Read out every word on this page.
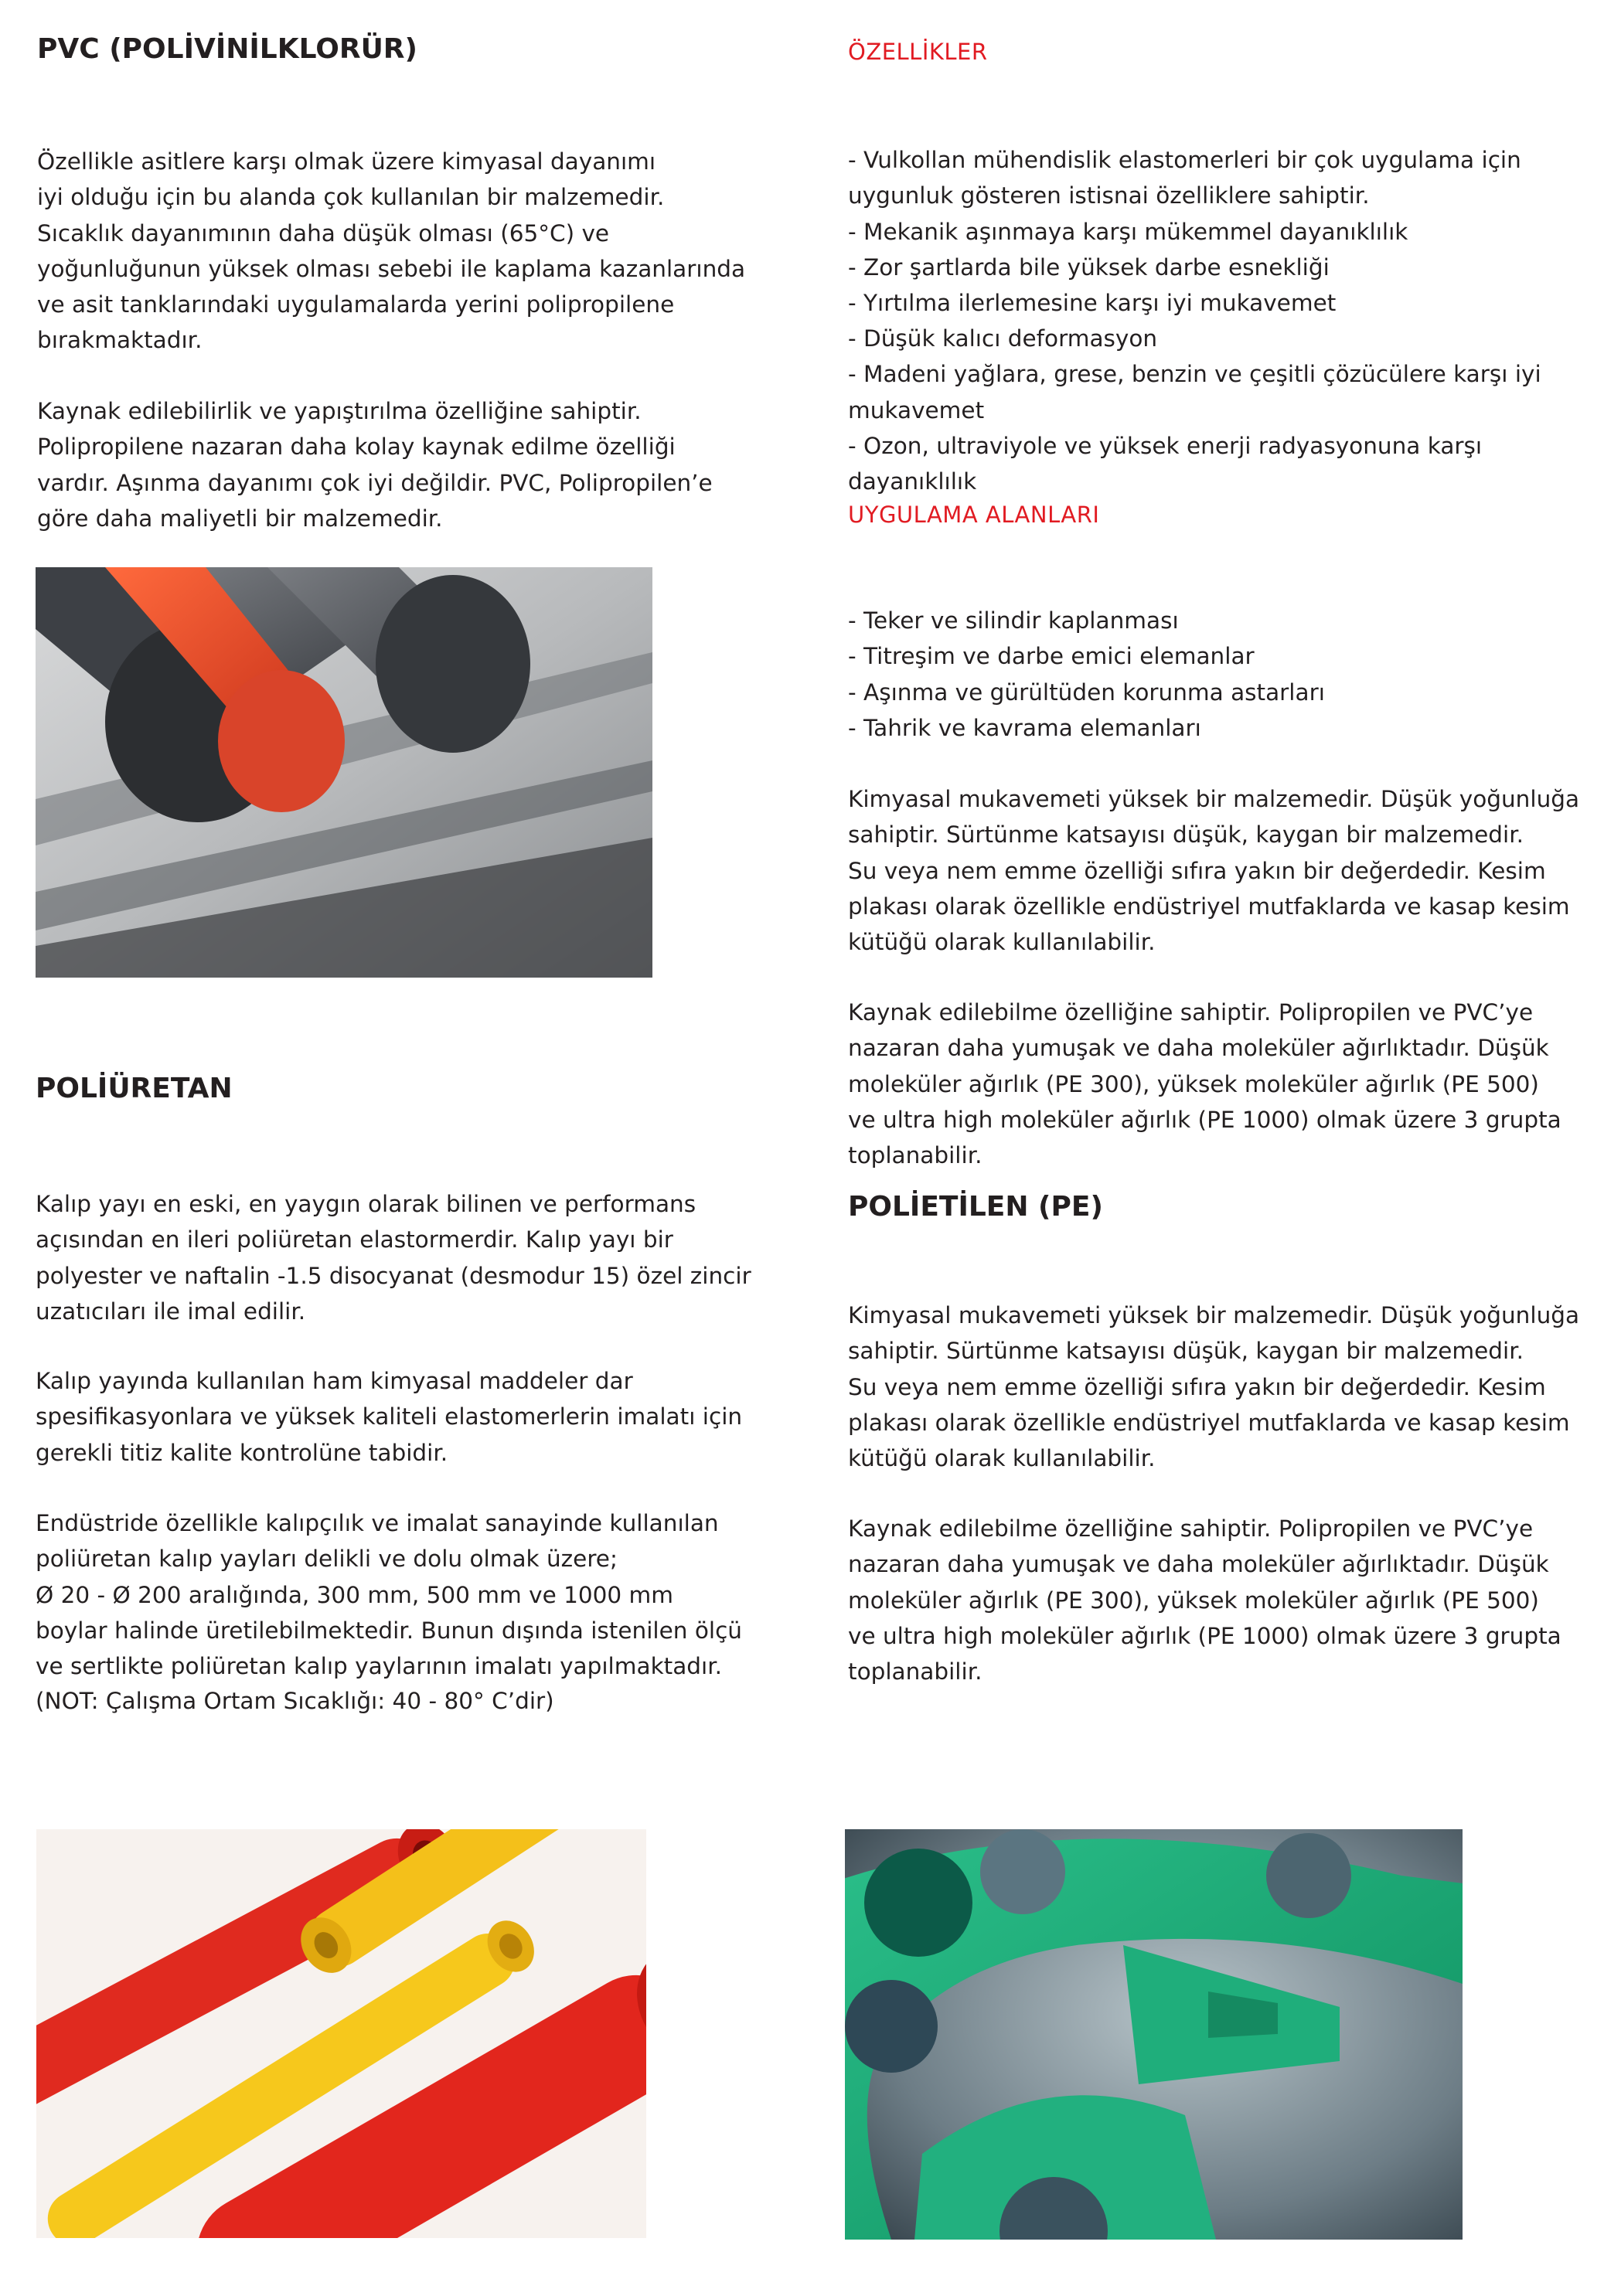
PVC (POLİVİNİLKLORÜR)

Özellikle asitlere karşı olmak üzere kimyasal dayanımı
iyi olduğu için bu alanda çok kullanılan bir malzemedir.
Sıcaklık dayanımının daha düşük olması (65°C) ve
yoğunluğunun yüksek olması sebebi ile kaplama kazanlarında
ve asit tanklarındaki uygulamalarda yerini polipropilene
bırakmaktadır.

Kaynak edilebilirlik ve yapıştırılma özelliğine sahiptir.
Polipropilene nazaran daha kolay kaynak edilme özelliği
vardır. Aşınma dayanımı çok iyi değildir. PVC, Polipropilen’e
göre daha maliyetli bir malzemedir.

POLİÜRETAN

Kalıp yayı en eski, en yaygın olarak bilinen ve performans
açısından en ileri poliüretan elastormerdir. Kalıp yayı bir
polyester ve naftalin -1.5 disocyanat (desmodur 15) özel zincir
uzatıcıları ile imal edilir.

Kalıp yayında kullanılan ham kimyasal maddeler dar
spesifikasyonlara ve yüksek kaliteli elastomerlerin imalatı için
gerekli titiz kalite kontrolüne tabidir.

Endüstride özellikle kalıpçılık ve imalat sanayinde kullanılan
poliüretan kalıp yayları delikli ve dolu olmak üzere;
Ø 20 - Ø 200 aralığında, 300 mm, 500 mm ve 1000 mm
boylar halinde üretilebilmektedir. Bunun dışında istenilen ölçü
ve sertlikte poliüretan kalıp yaylarının imalatı yapılmaktadır.

(NOT: Çalışma Ortam Sıcaklığı: 40 - 80° C’dir)

ÖZELLİKLER

- Vulkollan mühendislik elastomerleri bir çok uygulama için
uygunluk gösteren istisnai özelliklere sahiptir.
- Mekanik aşınmaya karşı mükemmel dayanıklılık
- Zor şartlarda bile yüksek darbe esnekliği
- Yırtılma ilerlemesine karşı iyi mukavemet
- Düşük kalıcı deformasyon
- Madeni yağlara, grese, benzin ve çeşitli çözücülere karşı iyi
mukavemet
- Ozon, ultraviyole ve yüksek enerji radyasyonuna karşı
dayanıklılık

UYGULAMA ALANLARI

- Teker ve silindir kaplanması
- Titreşim ve darbe emici elemanlar
- Aşınma ve gürültüden korunma astarları
- Tahrik ve kavrama elemanları

Kimyasal mukavemeti yüksek bir malzemedir. Düşük yoğunluğa
sahiptir. Sürtünme katsayısı düşük, kaygan bir malzemedir.
Su veya nem emme özelliği sıfıra yakın bir değerdedir. Kesim
plakası olarak özellikle endüstriyel mutfaklarda ve kasap kesim
kütüğü olarak kullanılabilir.

Kaynak edilebilme özelliğine sahiptir. Polipropilen ve PVC’ye
nazaran daha yumuşak ve daha moleküler ağırlıktadır. Düşük
moleküler ağırlık (PE 300), yüksek moleküler ağırlık (PE 500)
ve ultra high moleküler ağırlık (PE 1000) olmak üzere 3 grupta
toplanabilir.

POLİETİLEN (PE)

Kimyasal mukavemeti yüksek bir malzemedir. Düşük yoğunluğa
sahiptir. Sürtünme katsayısı düşük, kaygan bir malzemedir.
Su veya nem emme özelliği sıfıra yakın bir değerdedir. Kesim
plakası olarak özellikle endüstriyel mutfaklarda ve kasap kesim
kütüğü olarak kullanılabilir.

Kaynak edilebilme özelliğine sahiptir. Polipropilen ve PVC’ye
nazaran daha yumuşak ve daha moleküler ağırlıktadır. Düşük
moleküler ağırlık (PE 300), yüksek moleküler ağırlık (PE 500)
ve ultra high moleküler ağırlık (PE 1000) olmak üzere 3 grupta
toplanabilir.
